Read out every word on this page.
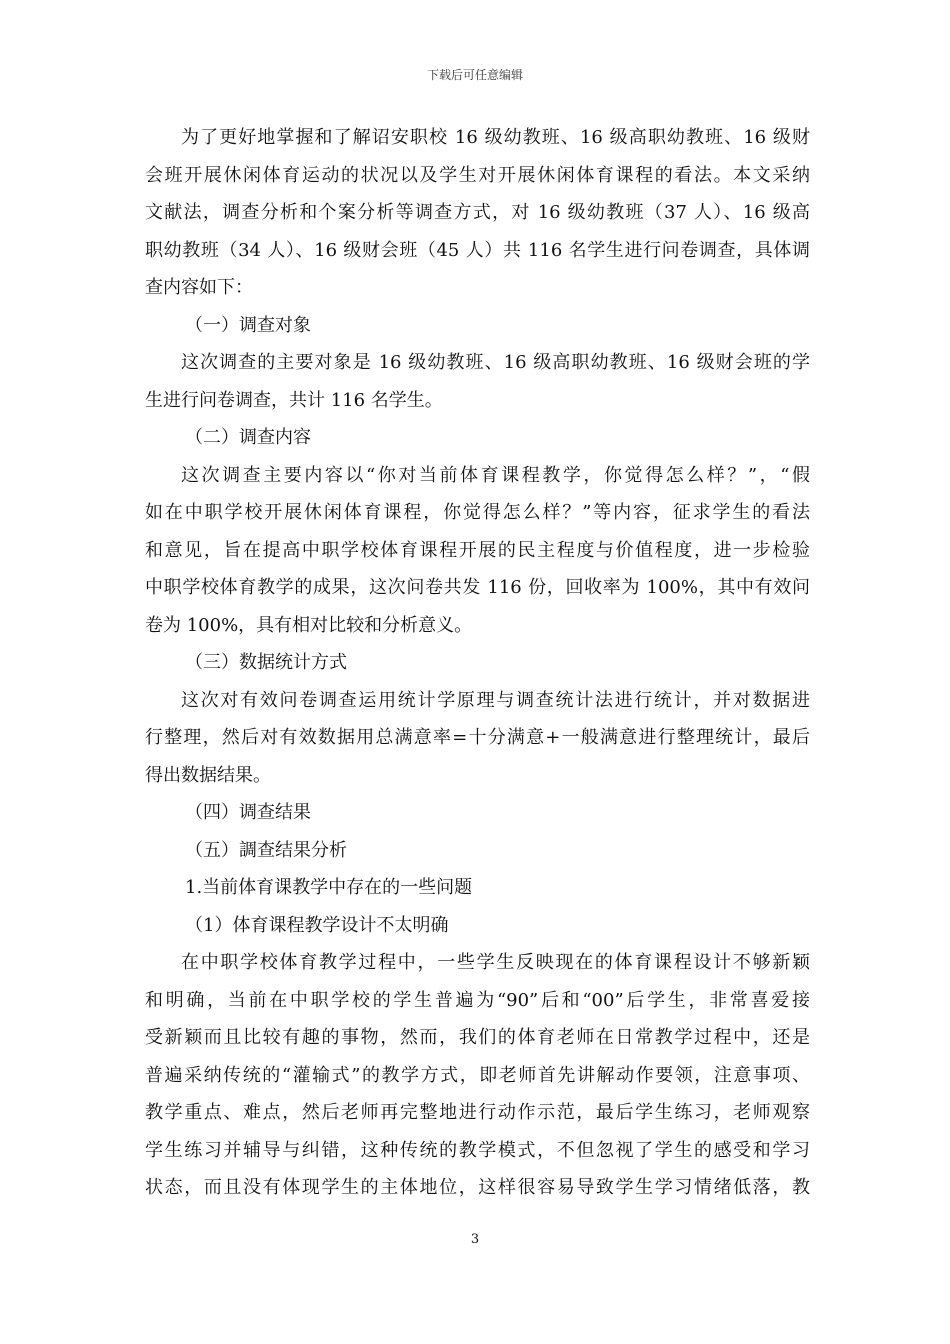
下载后可任意编辑
为了更好地掌握和了解诏安职校 16 级幼教班、16 级高职幼教班、16 级财
会班开展休闲体育运动的状况以及学生对开展休闲体育课程的看法。本文采纳
文献法，调查分析和个案分析等调查方式，对 16 级幼教班（37 人）、16 级高
职幼教班（34 人）、16 级财会班（45 人）共 116 名学生进行问卷调查，具体调
查内容如下：
（一）调查对象
这次调查的主要对象是 16 级幼教班、16 级高职幼教班、16 级财会班的学
生进行问卷调查，共计 116 名学生。
（二）调查内容
这次调查主要内容以“你对当前体育课程教学，你觉得怎么样？”，“假
如在中职学校开展休闲体育课程，你觉得怎么样？”等内容，征求学生的看法
和意见，旨在提高中职学校体育课程开展的民主程度与价值程度，进一步检验
中职学校体育教学的成果，这次问卷共发 116 份，回收率为 100%，其中有效问
卷为 100%，具有相对比较和分析意义。
（三）数据统计方式
这次对有效问卷调查运用统计学原理与调查统计法进行统计，并对数据进
行整理，然后对有效数据用总满意率=十分满意+一般满意进行整理统计，最后
得出数据结果。
（四）调查结果
（五）調查结果分析
1.当前体育课教学中存在的一些问题
（1）体育课程教学设计不太明确
在中职学校体育教学过程中，一些学生反映现在的体育课程设计不够新颖
和明确，当前在中职学校的学生普遍为“90”后和“00”后学生，非常喜爱接
受新颖而且比较有趣的事物，然而，我们的体育老师在日常教学过程中，还是
普遍采纳传统的“灌输式”的教学方式，即老师首先讲解动作要领，注意事项、
教学重点、难点，然后老师再完整地进行动作示范，最后学生练习，老师观察
学生练习并辅导与纠错，这种传统的教学模式，不但忽视了学生的感受和学习
状态，而且没有体现学生的主体地位，这样很容易导致学生学习情绪低落，教
3
